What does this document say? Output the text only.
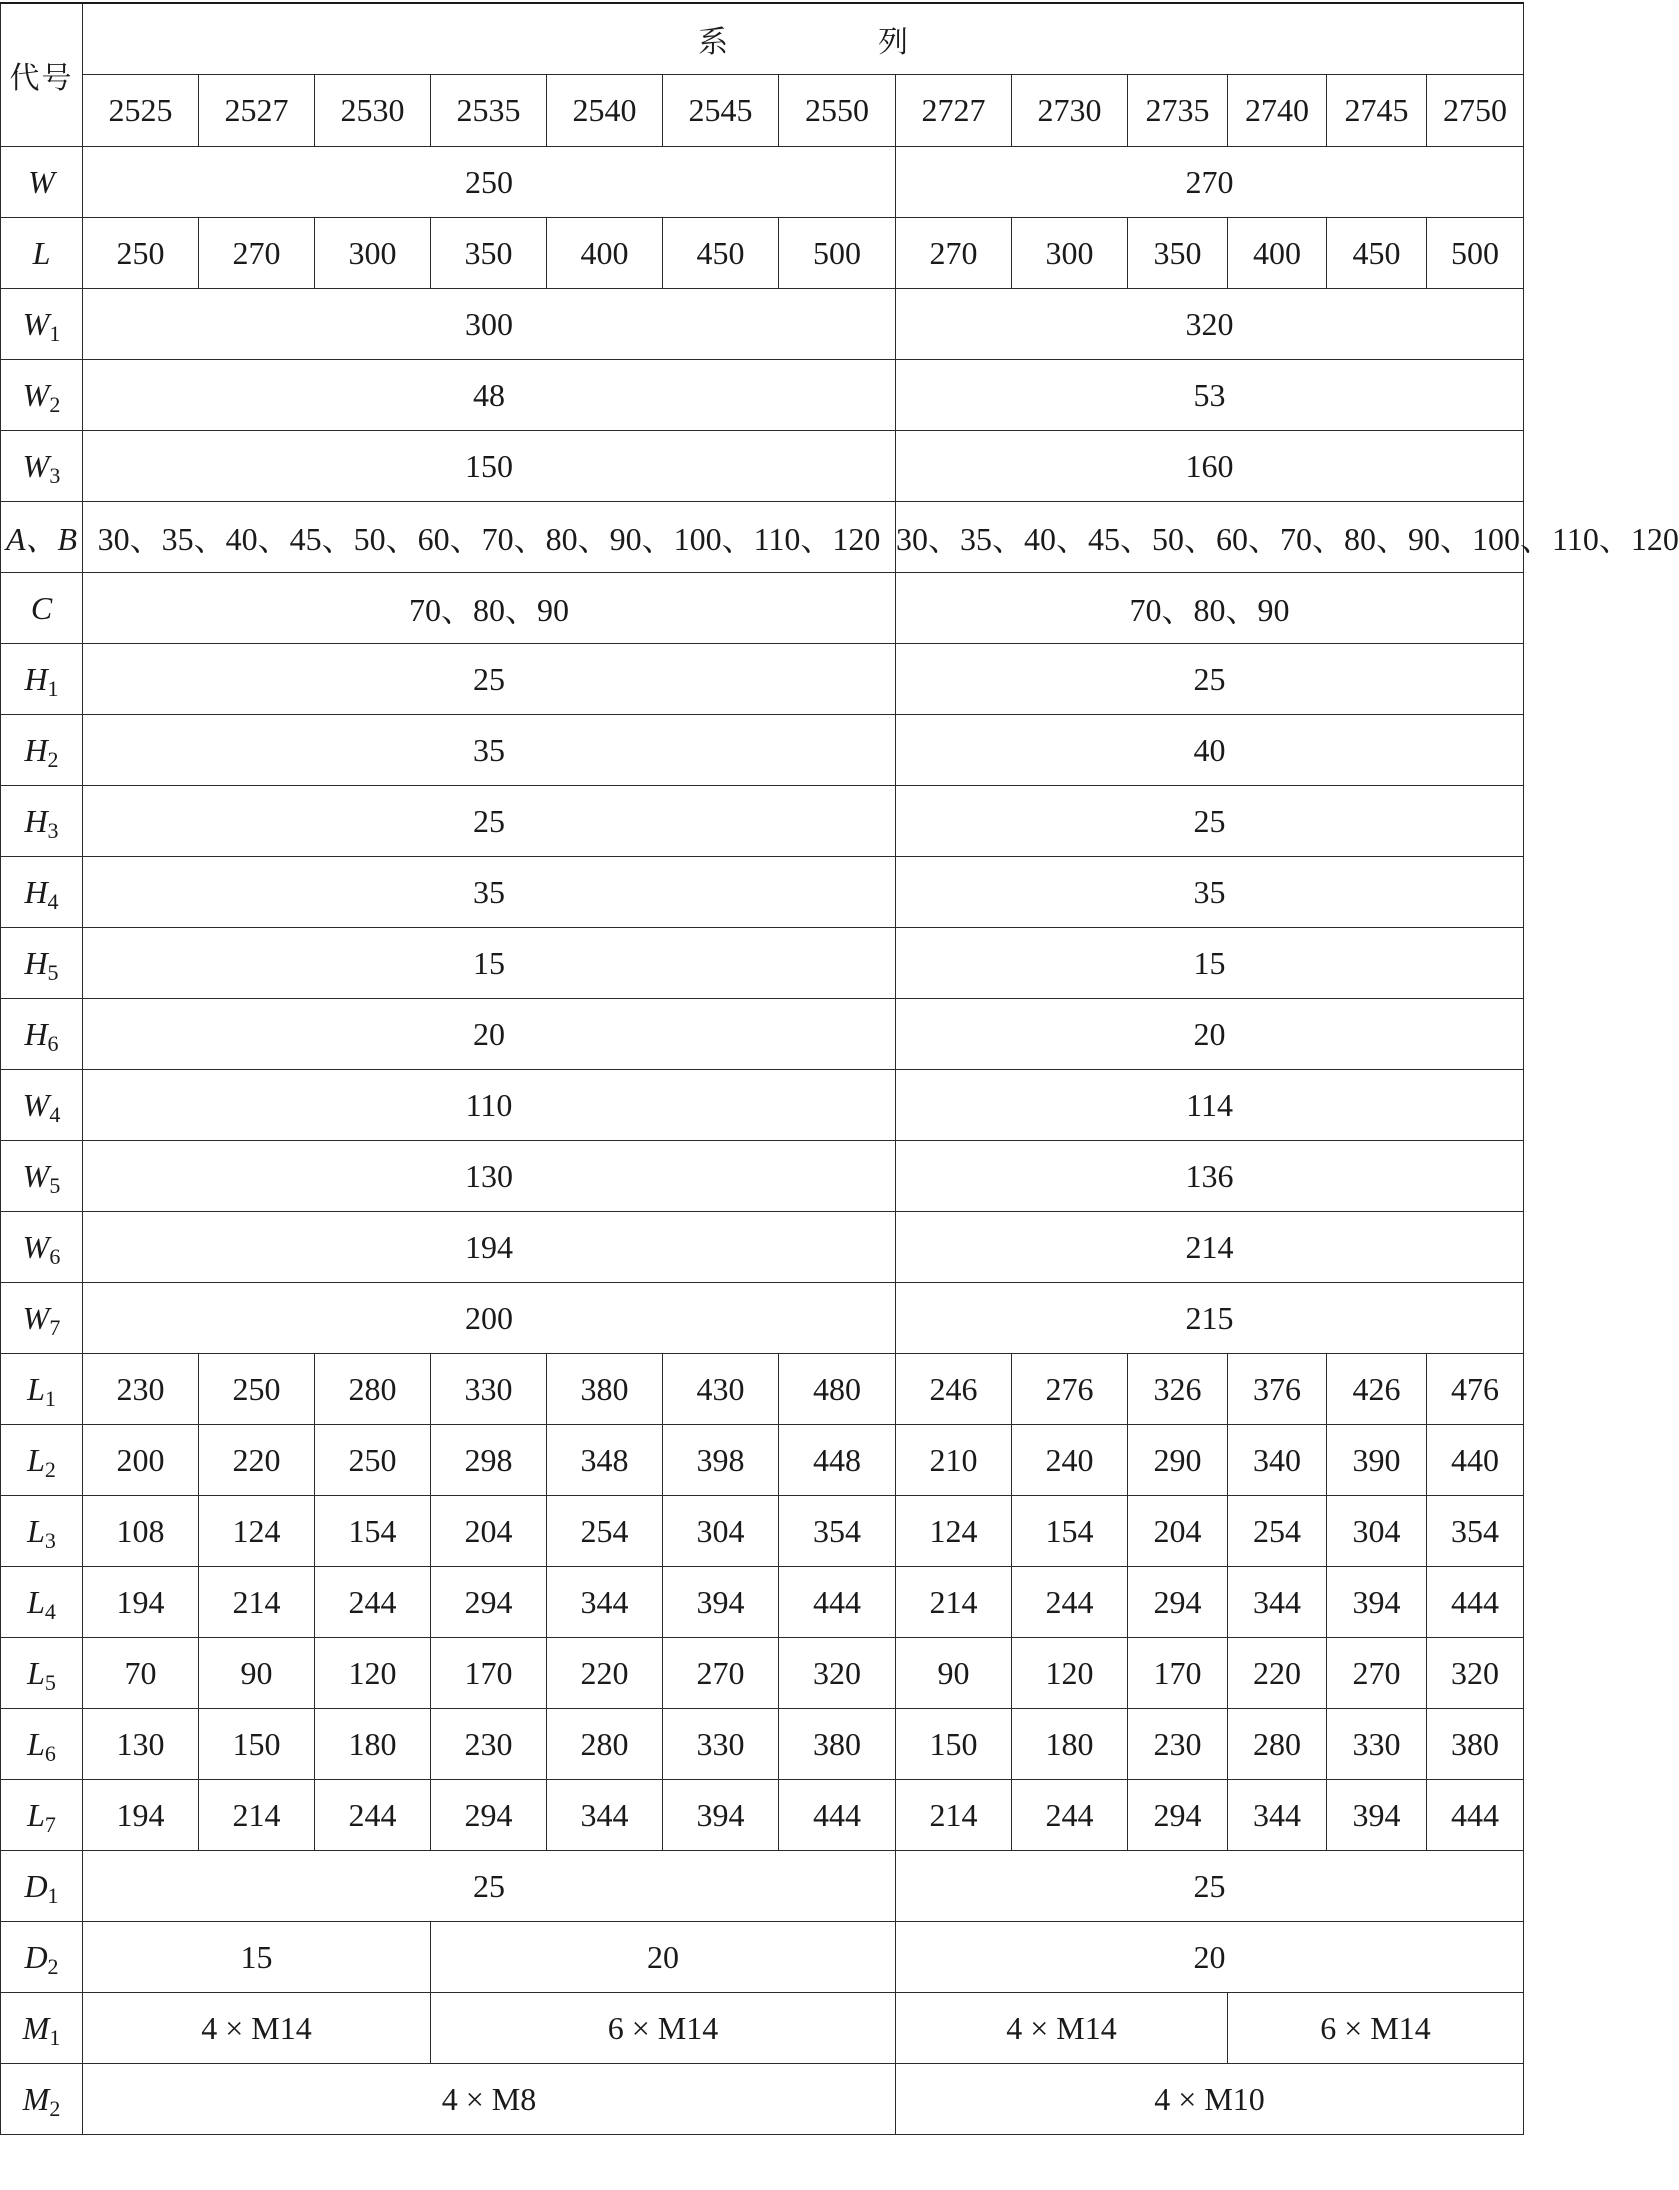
代号	系　列												
	2525	2527	2530	2535	2540	2545	2550	2727	2730	2735	2740	2745	2750
W	250							270					
L	250	270	300	350	400	450	500	270	300	350	400	450	500
$W_1$	300							320					
$W_2$	48							53					
$W_3$	150							160					
A、B	30、35、40、45、50、60、70、80、90、100、110、120							30、35、40、45、50、60、70、80、90、100、110、120					
C	70、80、90							70、80、90					
$H_1$	25							25					
$H_2$	35							40					
$H_3$	25							25					
$H_4$	35							35					
$H_5$	15							15					
$H_6$	20							20					
$W_4$	110							114					
$W_5$	130							136					
$W_6$	194							214					
$W_7$	200							215					
$L_1$	230	250	280	330	380	430	480	246	276	326	376	426	476
$L_2$	200	220	250	298	348	398	448	210	240	290	340	390	440
$L_3$	108	124	154	204	254	304	354	124	154	204	254	304	354
$L_4$	194	214	244	294	344	394	444	214	244	294	344	394	444
$L_5$	70	90	120	170	220	270	320	90	120	170	220	270	320
$L_6$	130	150	180	230	280	330	380	150	180	230	280	330	380
$L_7$	194	214	244	294	344	394	444	214	244	294	344	394	444
$D_1$	25							25					
$D_2$	15			20				20					
$M_1$	4 × M14			6 × M14				4 × M14			6 × M14		
$M_2$	4 × M8							4 × M10					
